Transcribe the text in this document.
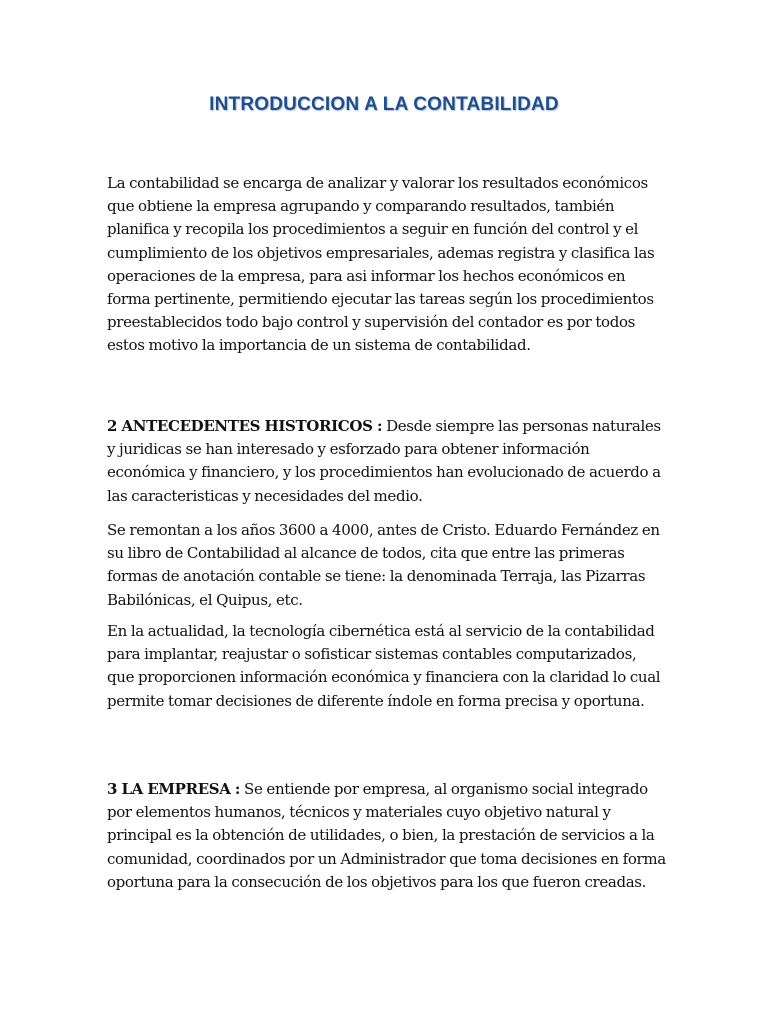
INTRODUCCION A LA CONTABILIDAD

La contabilidad se encarga de analizar y valorar los resultados económicos que obtiene la empresa agrupando y comparando resultados, también planifica y recopila los procedimientos a seguir en función del control y el cumplimiento de los objetivos empresariales, ademas registra y clasifica las operaciones de la empresa, para asi informar los hechos económicos en forma pertinente, permitiendo ejecutar las tareas según los procedimientos preestablecidos todo bajo control y supervisión del contador es por todos estos motivo la importancia de un sistema de contabilidad.

2 ANTECEDENTES HISTORICOS : Desde siempre las personas naturales y juridicas se han interesado y esforzado para obtener información económica y financiero, y los procedimientos han evolucionado de acuerdo a las caracteristicas y necesidades del medio.

Se remontan a los años 3600 a 4000, antes de Cristo. Eduardo Fernández en su libro de Contabilidad al alcance de todos, cita que entre las primeras formas de anotación contable se tiene: la denominada Terraja, las Pizarras Babilónicas, el Quipus, etc.

En la actualidad, la tecnología cibernética está al servicio de la contabilidad para implantar, reajustar o sofisticar sistemas contables computarizados, que proporcionen información económica y financiera con la claridad lo cual permite tomar decisiones de diferente índole en forma precisa y oportuna.

3 LA EMPRESA : Se entiende por empresa, al organismo social integrado por elementos humanos, técnicos y materiales cuyo objetivo natural y principal es la obtención de utilidades, o bien, la prestación de servicios a la comunidad, coordinados por un Administrador que toma decisiones en forma oportuna para la consecución de los objetivos para los que fueron creadas.
